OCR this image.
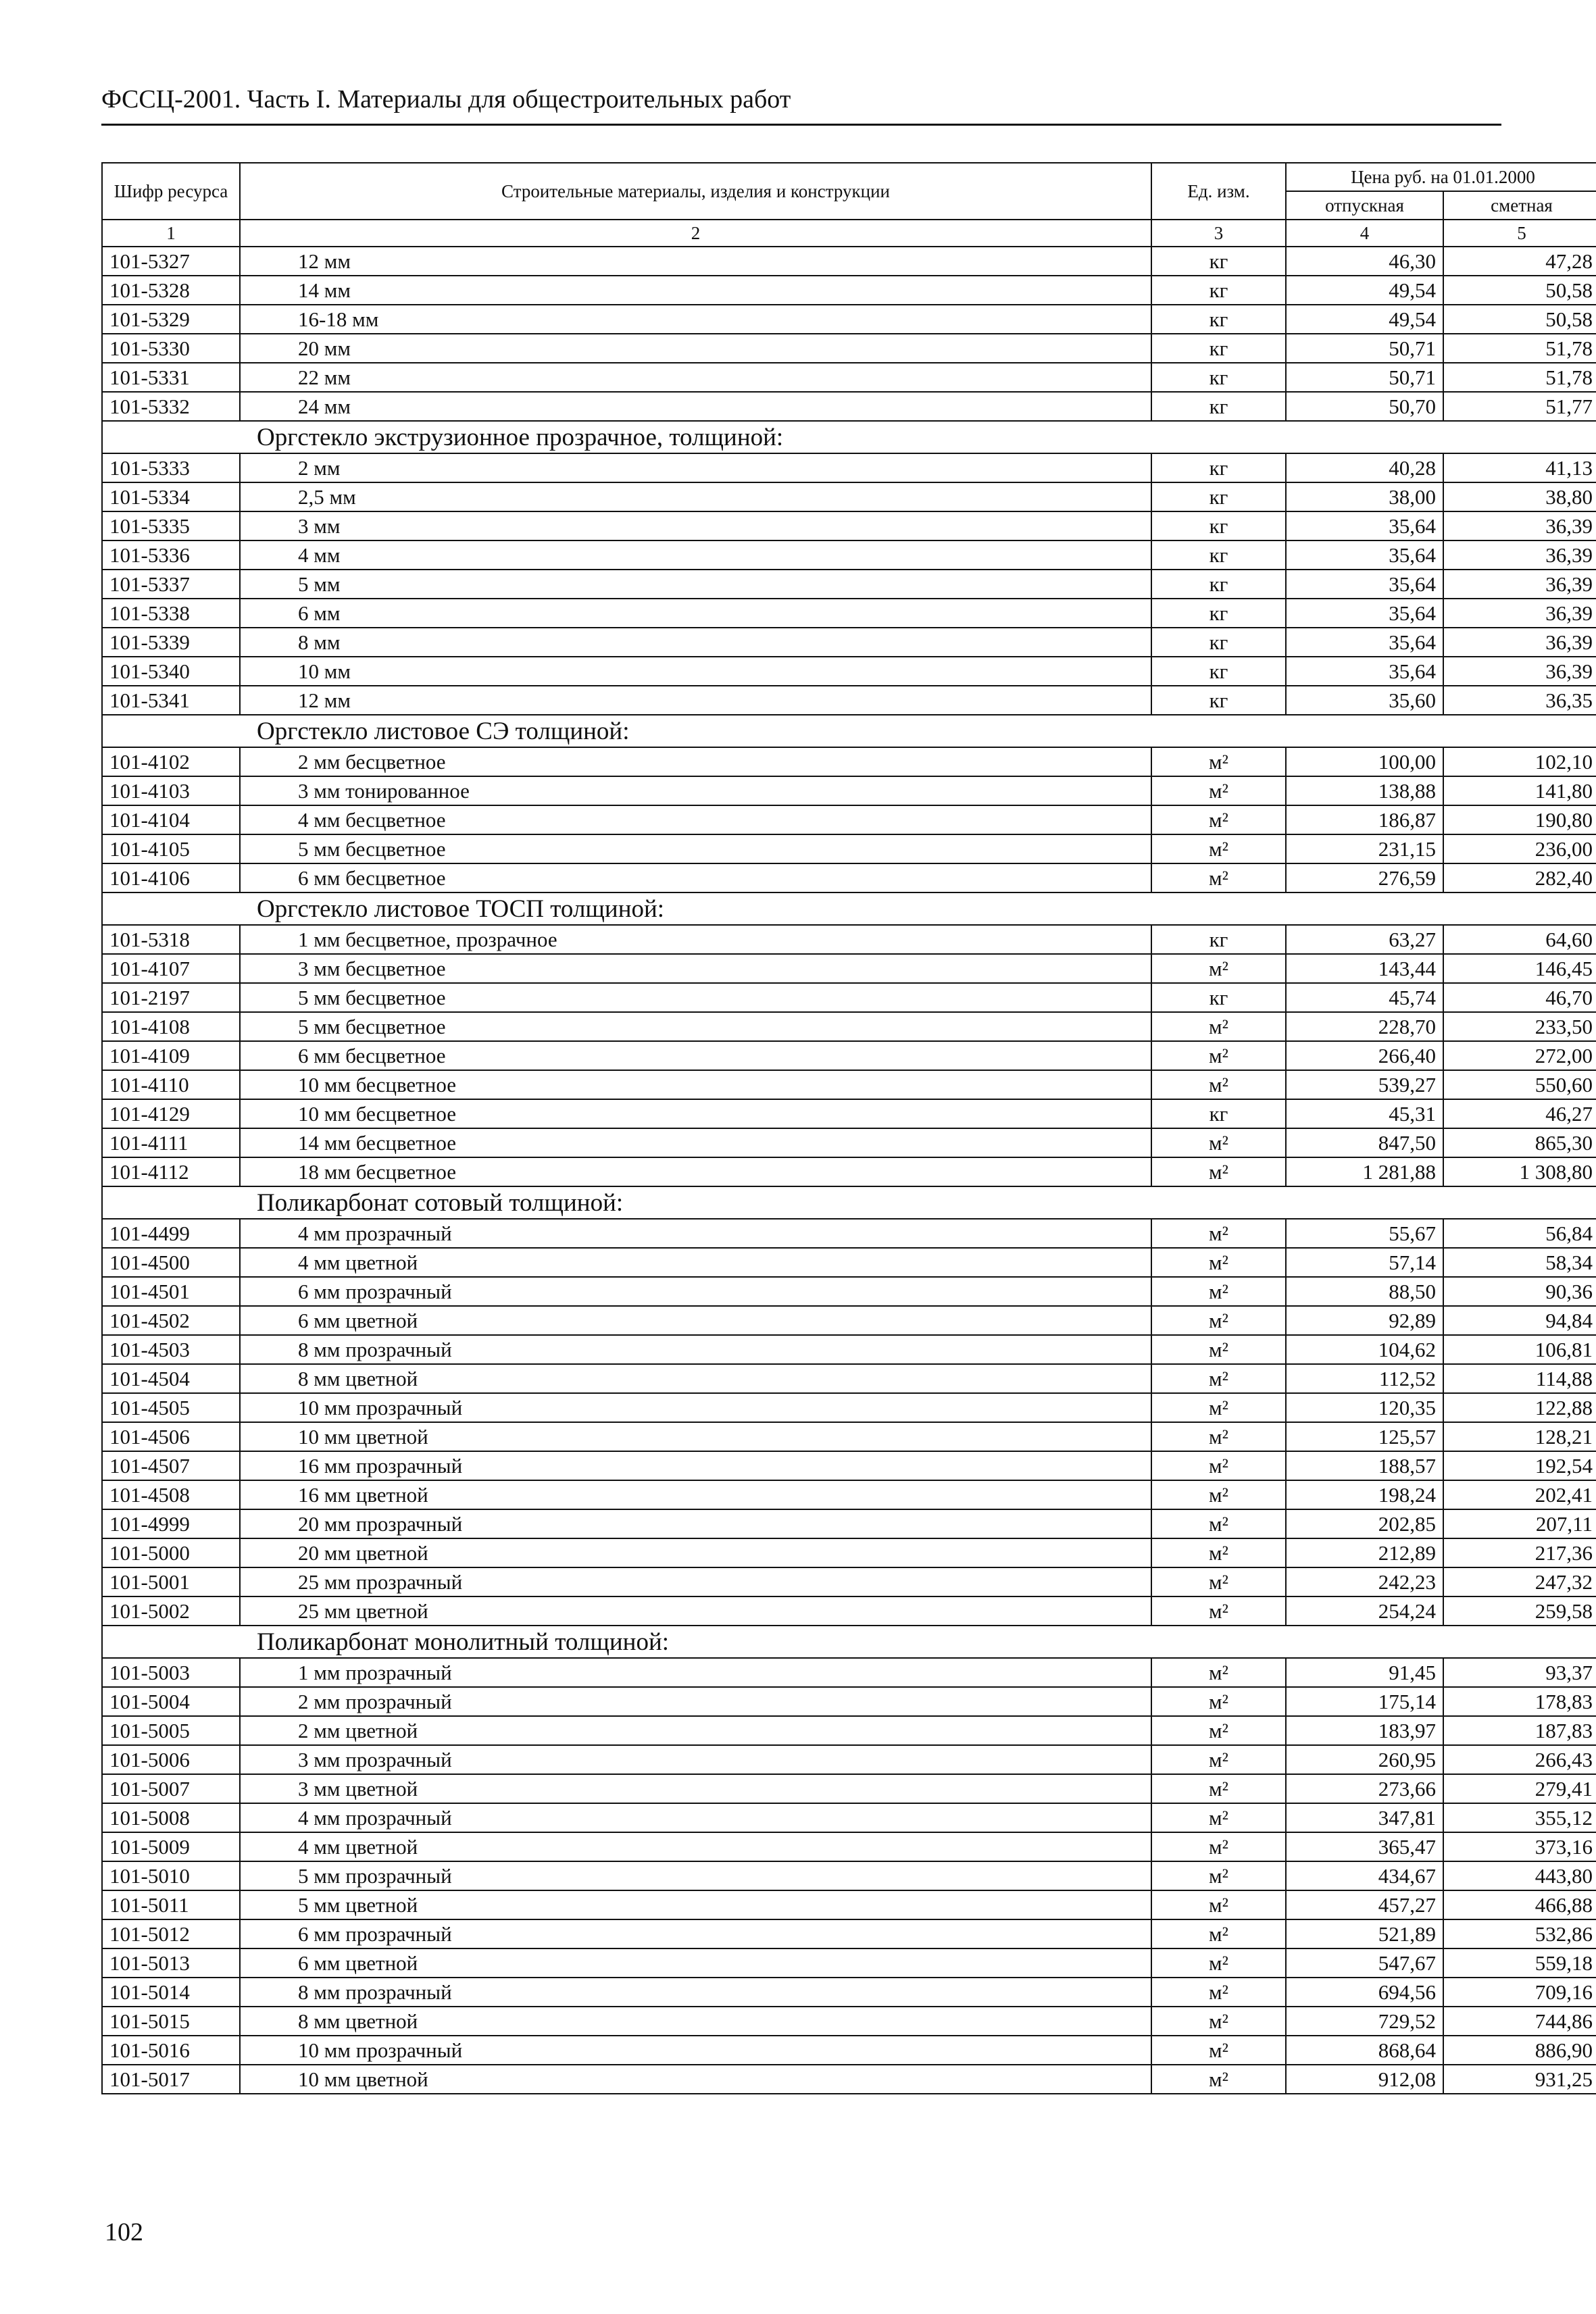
ФССЦ-2001. Часть I. Материалы для общестроительных работ
Шифр ресурса	Строительные материалы, изделия и конструкции	Ед. изм.	Цена руб. на 01.01.2000	
			отпускная	сметная
1	2	3	4	5
101-5327	12 мм	кг	46,30	47,28
101-5328	14 мм	кг	49,54	50,58
101-5329	16-18 мм	кг	49,54	50,58
101-5330	20 мм	кг	50,71	51,78
101-5331	22 мм	кг	50,71	51,78
101-5332	24 мм	кг	50,70	51,77
Оргстекло экструзионное прозрачное, толщиной:				
101-5333	2 мм	кг	40,28	41,13
101-5334	2,5 мм	кг	38,00	38,80
101-5335	3 мм	кг	35,64	36,39
101-5336	4 мм	кг	35,64	36,39
101-5337	5 мм	кг	35,64	36,39
101-5338	6 мм	кг	35,64	36,39
101-5339	8 мм	кг	35,64	36,39
101-5340	10 мм	кг	35,64	36,39
101-5341	12 мм	кг	35,60	36,35
Оргстекло листовое СЭ толщиной:				
101-4102	2 мм бесцветное	м²	100,00	102,10
101-4103	3 мм тонированное	м²	138,88	141,80
101-4104	4 мм бесцветное	м²	186,87	190,80
101-4105	5 мм бесцветное	м²	231,15	236,00
101-4106	6 мм бесцветное	м²	276,59	282,40
Оргстекло листовое ТОСП толщиной:				
101-5318	1 мм бесцветное, прозрачное	кг	63,27	64,60
101-4107	3 мм бесцветное	м²	143,44	146,45
101-2197	5 мм бесцветное	кг	45,74	46,70
101-4108	5 мм бесцветное	м²	228,70	233,50
101-4109	6 мм бесцветное	м²	266,40	272,00
101-4110	10 мм бесцветное	м²	539,27	550,60
101-4129	10 мм бесцветное	кг	45,31	46,27
101-4111	14 мм бесцветное	м²	847,50	865,30
101-4112	18 мм бесцветное	м²	1 281,88	1 308,80
Поликарбонат сотовый толщиной:				
101-4499	4 мм прозрачный	м²	55,67	56,84
101-4500	4 мм цветной	м²	57,14	58,34
101-4501	6 мм прозрачный	м²	88,50	90,36
101-4502	6 мм цветной	м²	92,89	94,84
101-4503	8 мм прозрачный	м²	104,62	106,81
101-4504	8 мм цветной	м²	112,52	114,88
101-4505	10 мм прозрачный	м²	120,35	122,88
101-4506	10 мм цветной	м²	125,57	128,21
101-4507	16 мм прозрачный	м²	188,57	192,54
101-4508	16 мм цветной	м²	198,24	202,41
101-4999	20 мм прозрачный	м²	202,85	207,11
101-5000	20 мм цветной	м²	212,89	217,36
101-5001	25 мм прозрачный	м²	242,23	247,32
101-5002	25 мм цветной	м²	254,24	259,58
Поликарбонат монолитный толщиной:				
101-5003	1 мм прозрачный	м²	91,45	93,37
101-5004	2 мм прозрачный	м²	175,14	178,83
101-5005	2 мм цветной	м²	183,97	187,83
101-5006	3 мм прозрачный	м²	260,95	266,43
101-5007	3 мм цветной	м²	273,66	279,41
101-5008	4 мм прозрачный	м²	347,81	355,12
101-5009	4 мм цветной	м²	365,47	373,16
101-5010	5 мм прозрачный	м²	434,67	443,80
101-5011	5 мм цветной	м²	457,27	466,88
101-5012	6 мм прозрачный	м²	521,89	532,86
101-5013	6 мм цветной	м²	547,67	559,18
101-5014	8 мм прозрачный	м²	694,56	709,16
101-5015	8 мм цветной	м²	729,52	744,86
101-5016	10 мм прозрачный	м²	868,64	886,90
101-5017	10 мм цветной	м²	912,08	931,25
102
